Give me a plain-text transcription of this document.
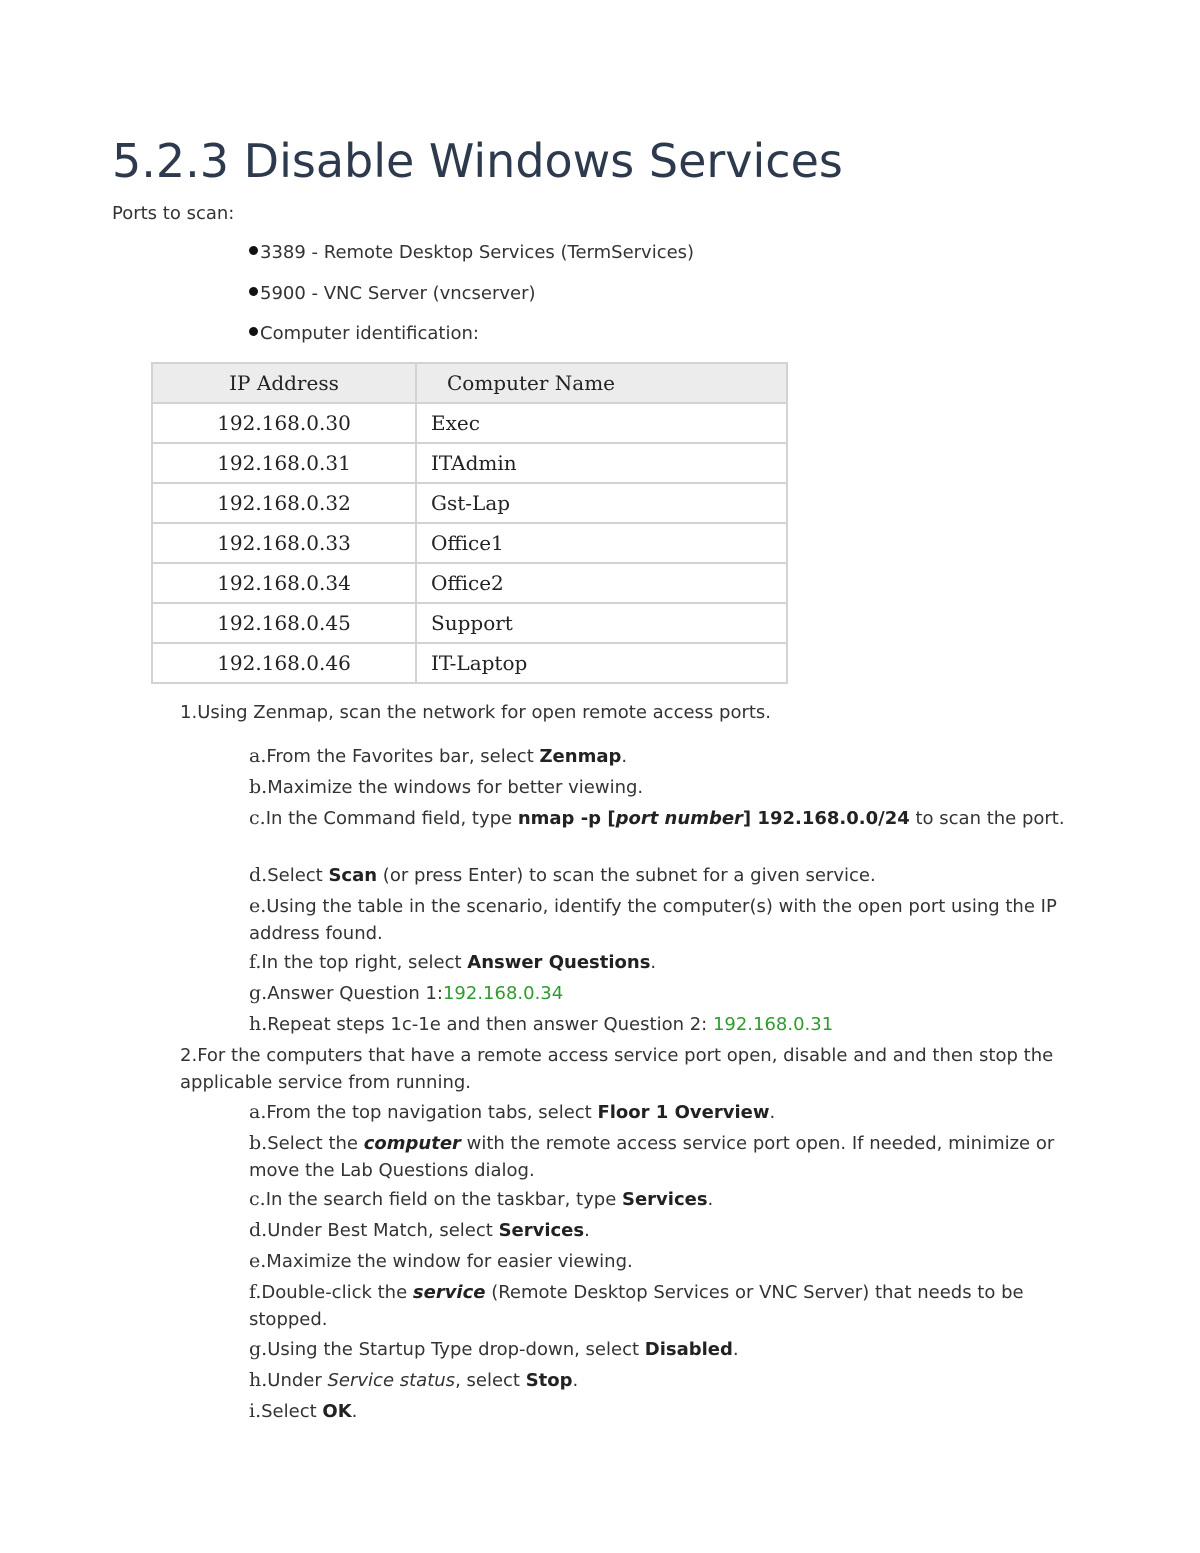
5.2.3 Disable Windows Services
Ports to scan:
3389 - Remote Desktop Services (TermServices)
5900 - VNC Server (vncserver)
Computer identification:
IP Address	Computer Name
192.168.0.30	Exec
192.168.0.31	ITAdmin
192.168.0.32	Gst-Lap
192.168.0.33	Office1
192.168.0.34	Office2
192.168.0.45	Support
192.168.0.46	IT-Laptop
1.Using Zenmap, scan the network for open remote access ports.
a.From the Favorites bar, select Zenmap.
b.Maximize the windows for better viewing.
c.In the Command field, type nmap -p [port number] 192.168.0.0/24 to scan the port.
d.Select Scan (or press Enter) to scan the subnet for a given service.
e.Using the table in the scenario, identify the computer(s) with the open port using the IP address found.
f.In the top right, select Answer Questions.
g.Answer Question 1:192.168.0.34
h.Repeat steps 1c-1e and then answer Question 2: 192.168.0.31
2.For the computers that have a remote access service port open, disable and and then stop the applicable service from running.
a.From the top navigation tabs, select Floor 1 Overview.
b.Select the computer with the remote access service port open. If needed, minimize or move the Lab Questions dialog.
c.In the search field on the taskbar, type Services.
d.Under Best Match, select Services.
e.Maximize the window for easier viewing.
f.Double-click the service (Remote Desktop Services or VNC Server) that needs to be stopped.
g.Using the Startup Type drop-down, select Disabled.
h.Under Service status, select Stop.
i.Select OK.
